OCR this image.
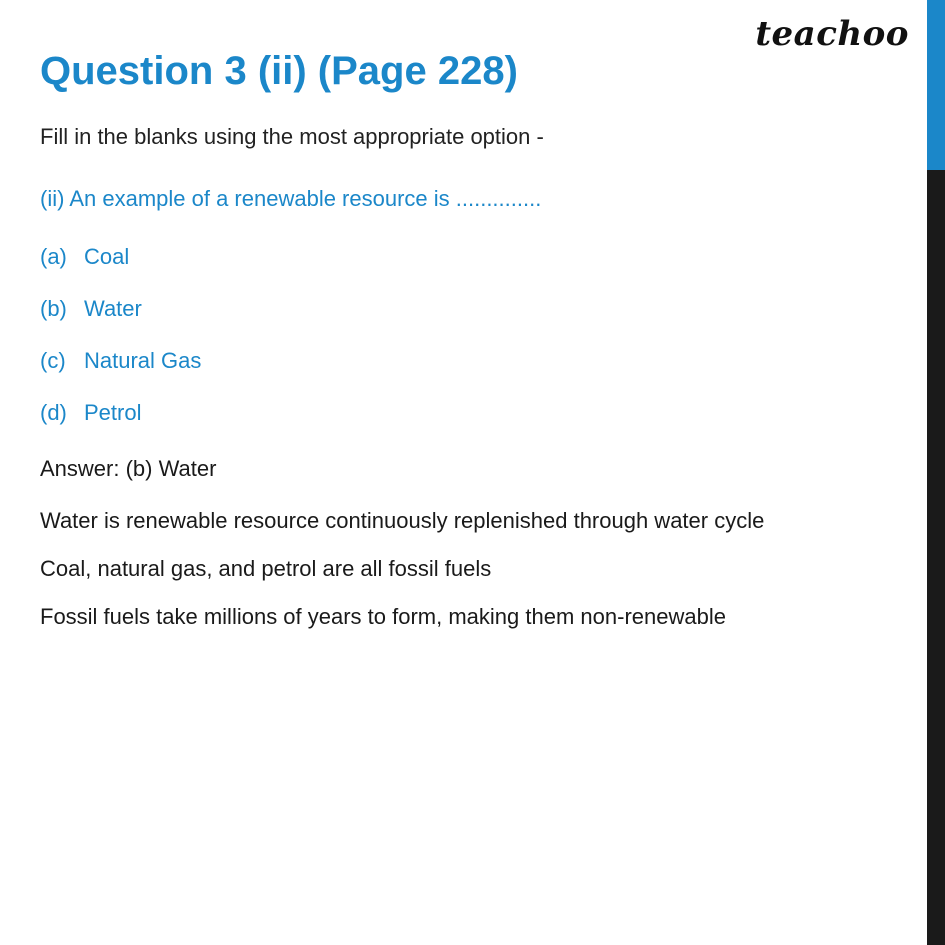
teachoo
Question 3 (ii) (Page 228)

Fill in the blanks using the most appropriate option -

(ii) An example of a renewable resource is ..............

(a) Coal
(b) Water
(c) Natural Gas
(d) Petrol

Answer: (b) Water

Water is renewable resource continuously replenished through water cycle

Coal, natural gas, and petrol are all fossil fuels

Fossil fuels take millions of years to form, making them non-renewable
